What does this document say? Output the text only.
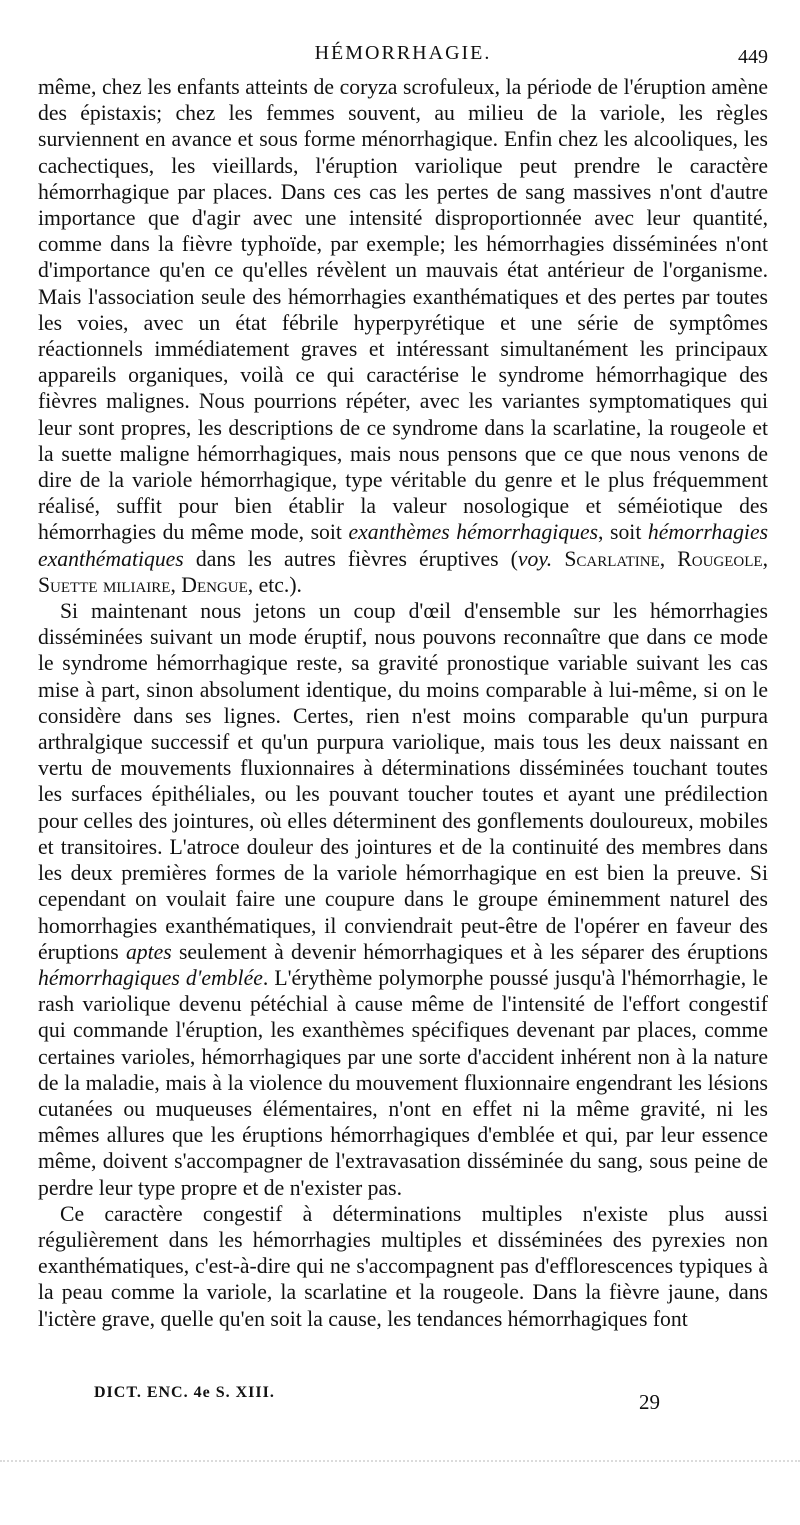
HÉMORRHAGIE.	449

même, chez les enfants atteints de coryza scrofuleux, la période de l'éruption amène des épistaxis; chez les femmes souvent, au milieu de la variole, les règles surviennent en avance et sous forme ménorrhagique. Enfin chez les alcooliques, les cachectiques, les vieillards, l'éruption variolique peut prendre le caractère hémorrhagique par places. Dans ces cas les pertes de sang massives n'ont d'autre importance que d'agir avec une intensité disproportionnée avec leur quantité, comme dans la fièvre typhoïde, par exemple; les hémorrhagies disséminées n'ont d'importance qu'en ce qu'elles révèlent un mauvais état antérieur de l'organisme. Mais l'association seule des hémorrhagies exanthématiques et des pertes par toutes les voies, avec un état fébrile hyperpyrétique et une série de symptômes réactionnels immédiatement graves et intéressant simultanément les principaux appareils organiques, voilà ce qui caractérise le syndrome hémorrhagique des fièvres malignes. Nous pourrions répéter, avec les variantes symptomatiques qui leur sont propres, les descriptions de ce syndrome dans la scarlatine, la rougeole et la suette maligne hémorrhagiques, mais nous pensons que ce que nous venons de dire de la variole hémorrhagique, type véritable du genre et le plus fréquemment réalisé, suffit pour bien établir la valeur nosologique et séméiotique des hémorrhagies du même mode, soit exanthèmes hémorrhagiques, soit hémorrhagies exanthématiques dans les autres fièvres éruptives (voy. Scarlatine, Rougeole, Suette miliaire, Dengue, etc.).

Si maintenant nous jetons un coup d'œil d'ensemble sur les hémorrhagies disséminées suivant un mode éruptif, nous pouvons reconnaître que dans ce mode le syndrome hémorrhagique reste, sa gravité pronostique variable suivant les cas mise à part, sinon absolument identique, du moins comparable à lui-même, si on le considère dans ses lignes. Certes, rien n'est moins comparable qu'un purpura arthralgique successif et qu'un purpura variolique, mais tous les deux naissant en vertu de mouvements fluxionnaires à déterminations disséminées touchant toutes les surfaces épithéliales, ou les pouvant toucher toutes et ayant une prédilection pour celles des jointures, où elles déterminent des gonflements douloureux, mobiles et transitoires. L'atroce douleur des jointures et de la continuité des membres dans les deux premières formes de la variole hémorrhagique en est bien la preuve. Si cependant on voulait faire une coupure dans le groupe éminemment naturel des homorrhagies exanthématiques, il conviendrait peut-être de l'opérer en faveur des éruptions aptes seulement à devenir hémorrhagiques et à les séparer des éruptions hémorrhagiques d'emblée. L'érythème polymorphe poussé jusqu'à l'hémorrhagie, le rash variolique devenu pétéchial à cause même de l'intensité de l'effort congestif qui commande l'éruption, les exanthèmes spécifiques devenant par places, comme certaines varioles, hémorrhagiques par une sorte d'accident inhérent non à la nature de la maladie, mais à la violence du mouvement fluxionnaire engendrant les lésions cutanées ou muqueuses élémentaires, n'ont en effet ni la même gravité, ni les mêmes allures que les éruptions hémorrhagiques d'emblée et qui, par leur essence même, doivent s'accompagner de l'extravasation disséminée du sang, sous peine de perdre leur type propre et de n'exister pas.

Ce caractère congestif à déterminations multiples n'existe plus aussi régulièrement dans les hémorrhagies multiples et disséminées des pyrexies non exanthématiques, c'est-à-dire qui ne s'accompagnent pas d'efflorescences typiques à la peau comme la variole, la scarlatine et la rougeole. Dans la fièvre jaune, dans l'ictère grave, quelle qu'en soit la cause, les tendances hémorrhagiques font

DICT. ENC. 4e S. XIII.	29
